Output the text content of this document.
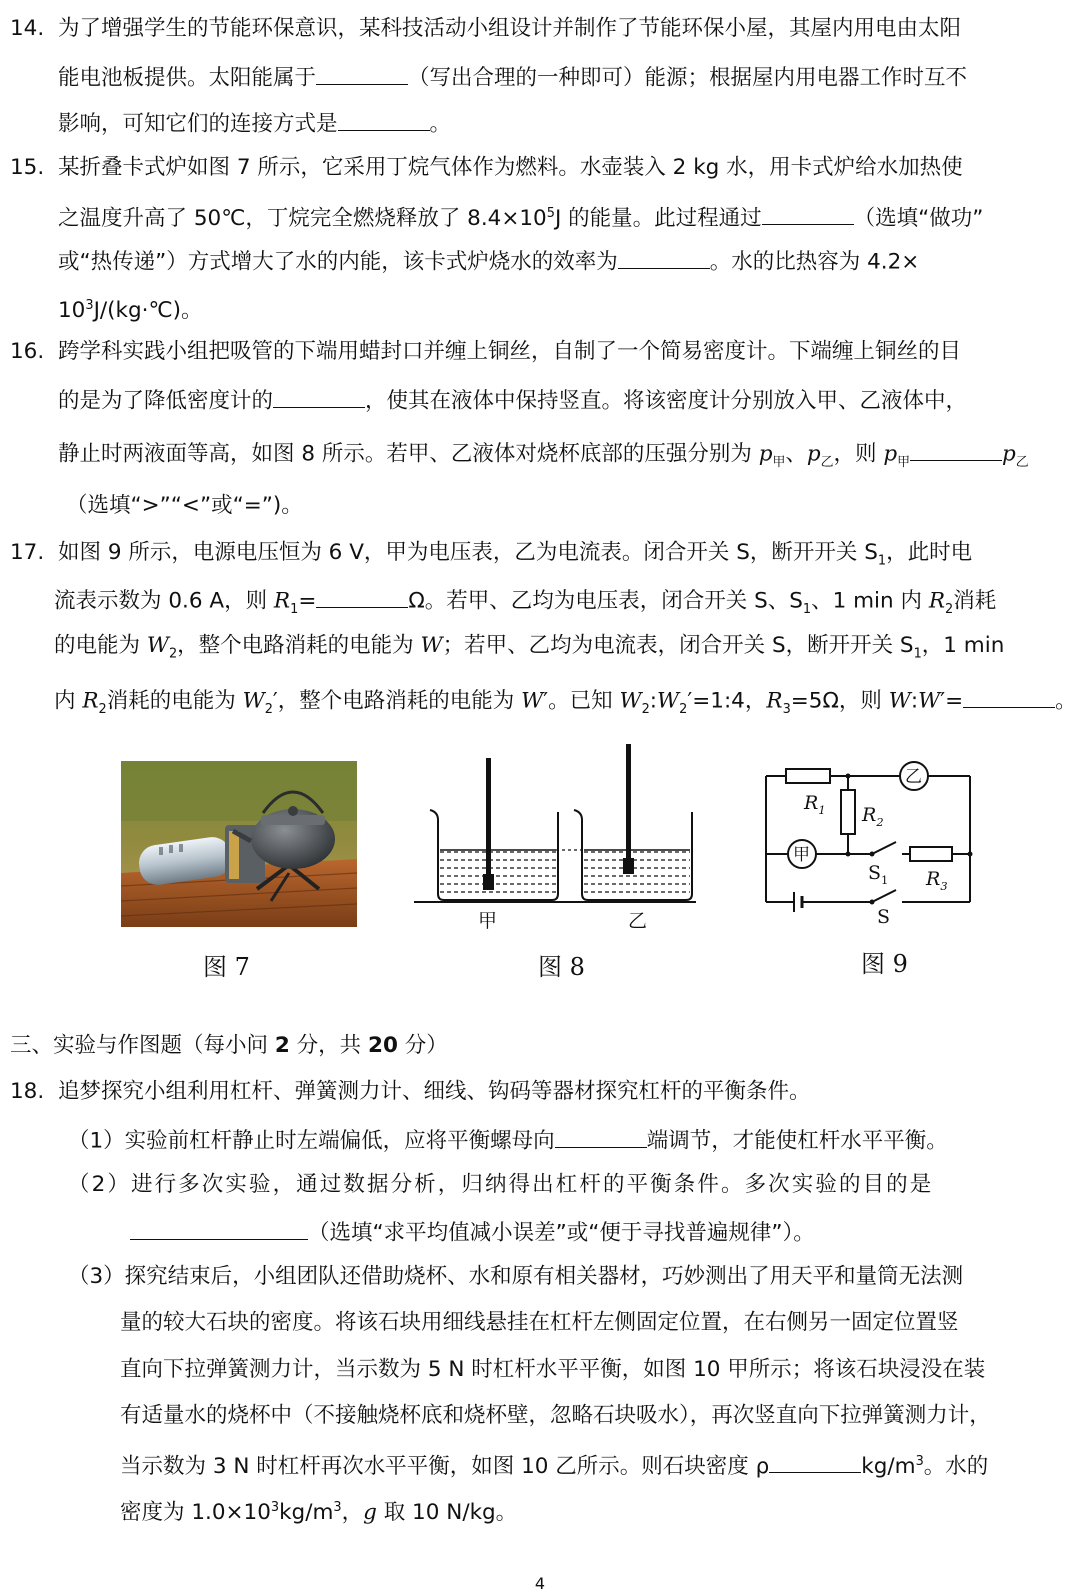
14. 为了增强学生的节能环保意识，某科技活动小组设计并制作了节能环保小屋，其屋内用电由太阳
能电池板提供。太阳能属于	（写出合理的一种即可）能源；根据屋内用电器工作时互不
影响，可知它们的连接方式是	。
15. 某折叠卡式炉如图 7 所示，它采用丁烷气体作为燃料。水壶装入 2 kg 水，用卡式炉给水加热使
之温度升高了 50℃，丁烷完全燃烧释放了 $8.4\times 10^5J$ 的能量。此过程通过	（选填“做功”
或“热传递”）方式增大了水的内能，该卡式炉烧水的效率为	。水的比热容为 4.2×
$10^3J/(kg\cdot℃)$。
16. 跨学科实践小组把吸管的下端用蜡封口并缠上铜丝，自制了一个简易密度计。下端缠上铜丝的目
的是为了降低密度计的	，使其在液体中保持竖直。将该密度计分别放入甲、乙液体中，
静止时两液面等高，如图 8 所示。若甲、乙液体对烧杯底部的压强分别为 $p_甲$、$p_乙$，则 $p_甲$	$p_乙$
（选填“>”“<”或“=”)。
17. 如图 9 所示，电源电压恒为 6 V，甲为电压表，乙为电流表。闭合开关 S，断开开关 $S_1$，此时电
流表示数为 0.6 A，则 $R_1=$	Ω。若甲、乙均为电压表，闭合开关 S、$S_1$、1 min 内 $R_2$消耗
的电能为 $W_2$，整个电路消耗的电能为 W；若甲、乙均为电流表，闭合开关 S，断开开关 $S_1$，1 min
内 $R_2$消耗的电能为 $W_2'$，整个电路消耗的电能为 W′。已知 $W_2:W_2'=1:4$，$R_3=5\Omega$，则 W:W′=	。
图 7
甲	乙
图 8
乙
甲
$R_1$ $R_2$
$R_3$
$S_1$
S
图 9
三、实验与作图题（每小问 2 分，共 20 分）
18. 追梦探究小组利用杠杆、弹簧测力计、细线、钩码等器材探究杠杆的平衡条件。
（1）实验前杠杆静止时左端偏低，应将平衡螺母向	端调节，才能使杠杆水平平衡。
（2）进行多次实验，通过数据分析，归纳得出杠杆的平衡条件。多次实验的目的是
（选填“求平均值减小误差”或“便于寻找普遍规律”）。
（3）探究结束后，小组团队还借助烧杯、水和原有相关器材，巧妙测出了用天平和量筒无法测
量的较大石块的密度。将该石块用细线悬挂在杠杆左侧固定位置，在右侧另一固定位置竖
直向下拉弹簧测力计，当示数为 5 N 时杠杆水平平衡，如图 10 甲所示；将该石块浸没在装
有适量水的烧杯中（不接触烧杯底和烧杯壁，忽略石块吸水），再次竖直向下拉弹簧测力计，
当示数为 3 N 时杠杆再次水平平衡，如图 10 乙所示。则石块密度 ρ	$kg/m^3$。水的
密度为 $1.0\times 10^3kg/m^3$，g 取 10 N/kg。
4
